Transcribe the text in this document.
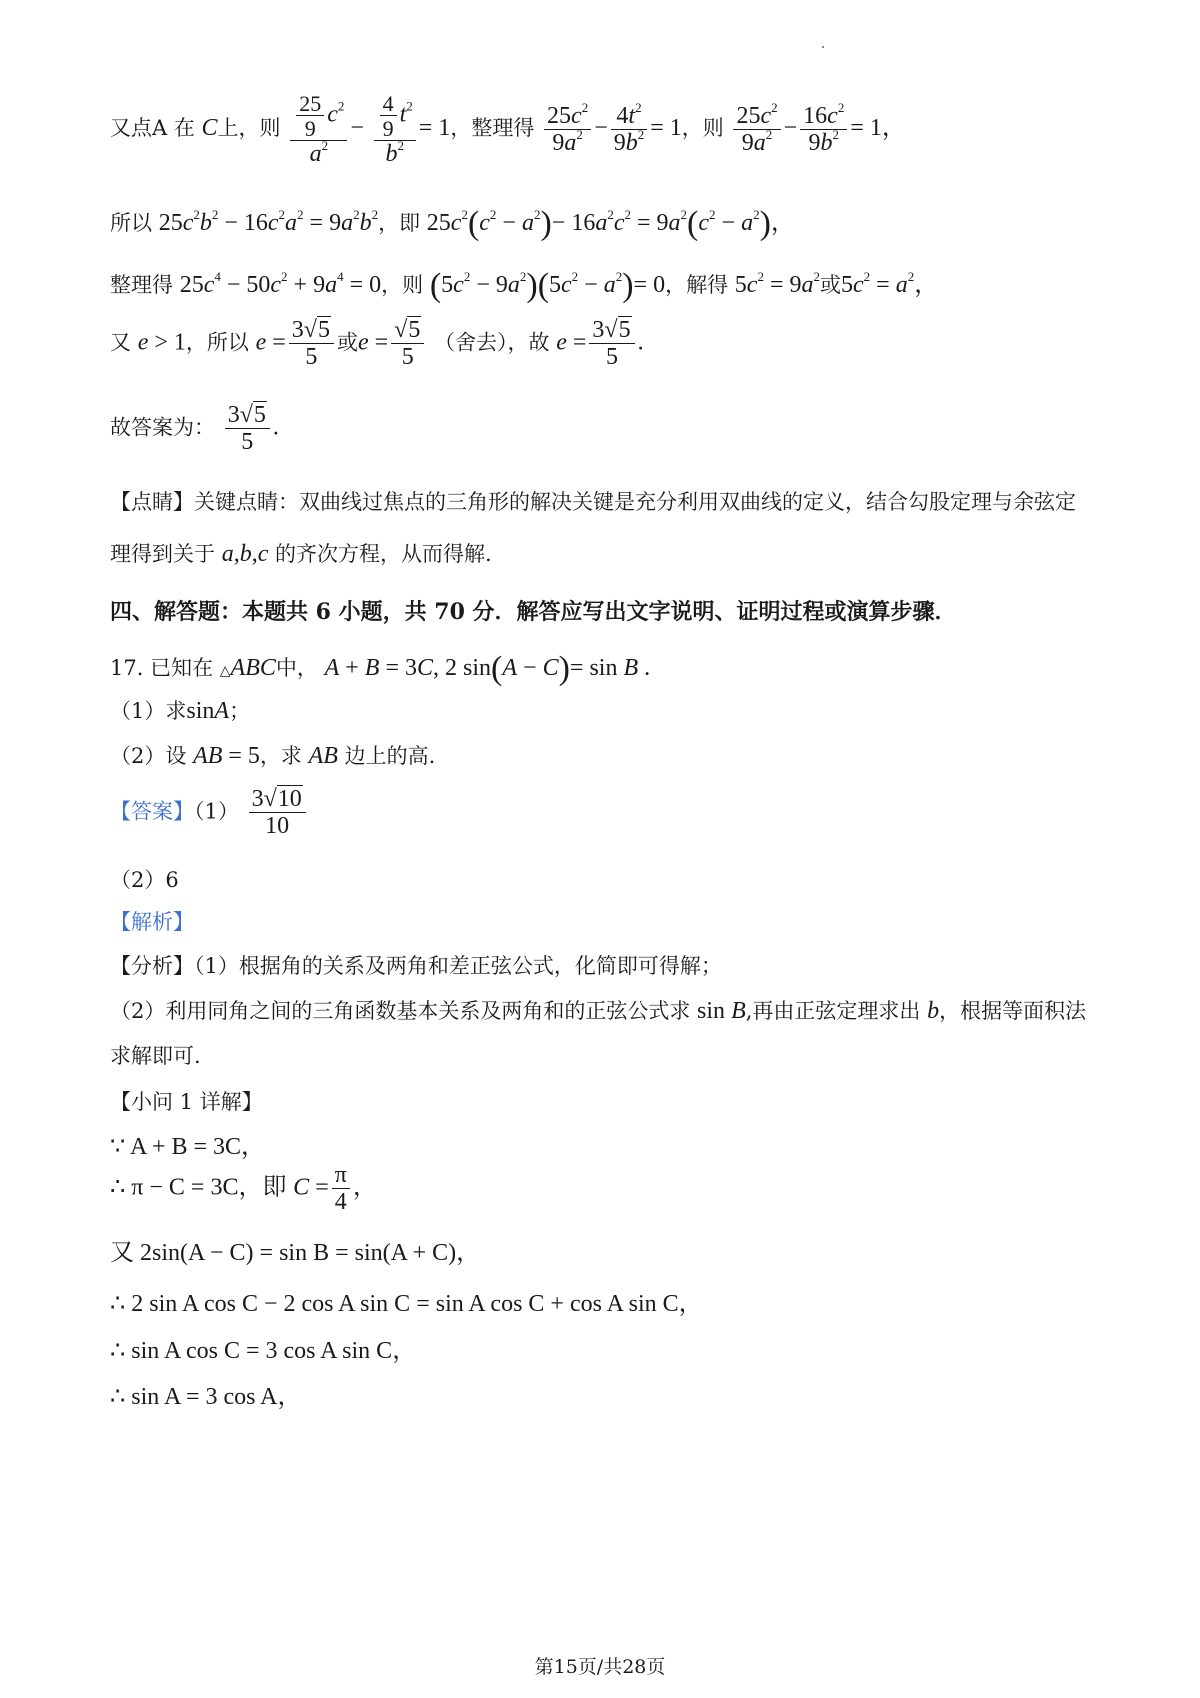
又点A 在 C上，则 $\frac{\frac{25}{9} c^2}{a^2} - \frac{\frac{4}{9} t^2}{b^2} = 1$，整理得 $\frac{25c^2}{9a^2} - \frac{4t^2}{9b^2} = 1$，则 $\frac{25c^2}{9a^2} - \frac{16c^2}{9b^2} = 1$，
所以 $25c^2b^2 - 16c^2a^2 = 9a^2b^2$，即 $25c^2(c^2 - a^2)- 16a^2c^2 = 9a^2(c^2 - a^2)$，
整理得 $25c^4 - 50c^2 + 9a^4 = 0$，则 $(5c^2 - 9a^2)(5c^2 - a^2)= 0$，解得 $5c^2 = 9a^2$或$5c^2 = a^2$，
又 e > 1，所以 $e = \frac{3√5}{5}$ 或$e = \frac{√5}{5}$ （舍去），故 $e = \frac{3√5}{5}$ .
故答案为： $\frac{3√5}{5}$ .
【点睛】关键点睛：双曲线过焦点的三角形的解决关键是充分利用双曲线的定义，结合勾股定理与余弦定
理得到关于 a,b,c 的齐次方程，从而得解.
四、解答题：本题共 6 小题，共 70 分．解答应写出文字说明、证明过程或演算步骤．
17. 已知在 △ABC中， A + B = 3C, 2 sin(A − C)= sin B .
（1）求sinA；
（2）设 AB = 5，求 AB 边上的高.
【答案】$(1) \frac{3√10}{10}$
（2）6
【解析】
【分析】（1）根据角的关系及两角和差正弦公式，化简即可得解；
（2）利用同角之间的三角函数基本关系及两角和的正弦公式求 sin B,再由正弦定理求出 b，根据等面积法
求解即可.
【小问 1 详解】
∵ A + B = 3C，
∴ π − C = 3C，即 $C = \frac{\pi}{4}$ ，
又 2sin(A − C) = sin B = sin(A + C)，
∴ 2 sin A cos C − 2 cos A sin C = sin A cos C + cos A sin C，
∴ sin A cos C = 3 cos A sin C，
∴ sin A = 3 cos A，
第15页/共28页
